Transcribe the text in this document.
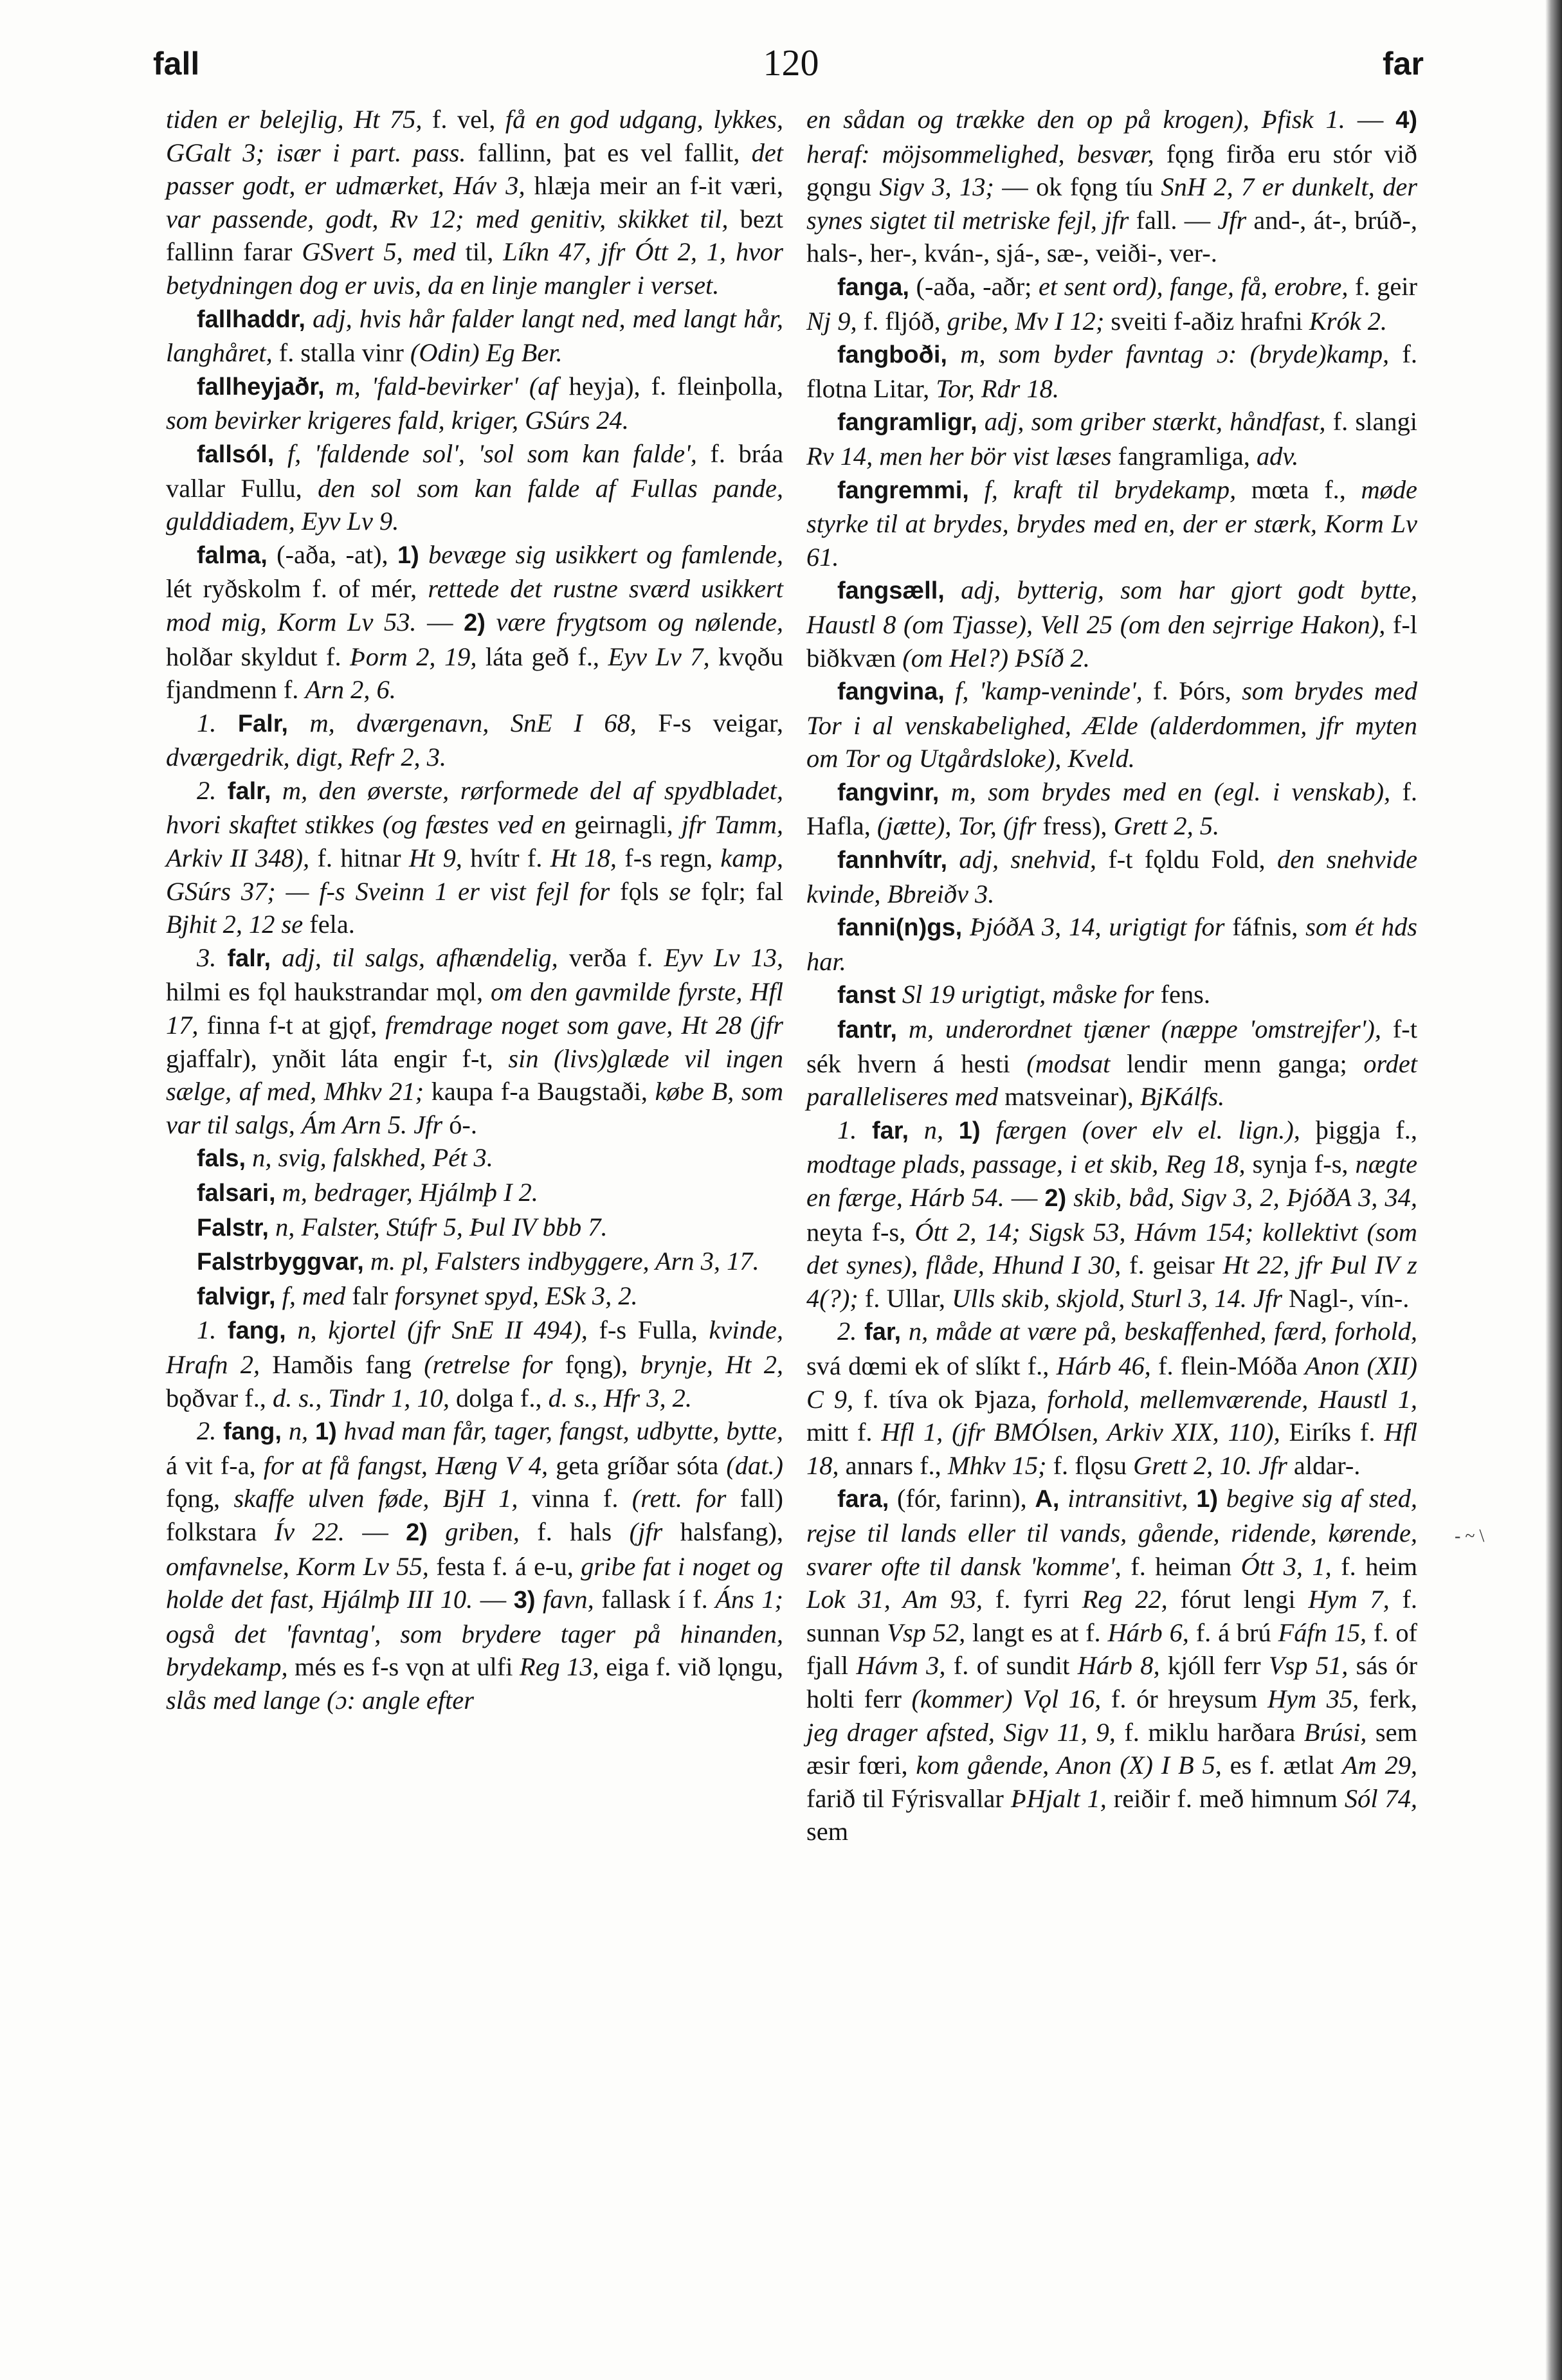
fall	120	far

tiden er belejlig, Ht 75, f. vel, få en god udgang, lykkes, GGalt 3; især i part. pass. fallinn, þat es vel fallit, det passer godt, er udmærket, Háv 3, hlæja meir an f-it væri, var passende, godt, Rv 12; med genitiv, skikket til, bezt fallinn farar GSvert 5, med til, Líkn 47, jfr Ótt 2, 1, hvor betydningen dog er uvis, da en linje mangler i verset.

fallhaddr, adj, hvis hår falder langt ned, med langt hår, langhåret, f. stalla vinr (Odin) Eg Ber.

fallheyjaðr, m, 'fald-bevirker' (af heyja), f. fleinþolla, som bevirker krigeres fald, kriger, GSúrs 24.

fallsól, f, 'faldende sol', 'sol som kan falde', f. bráa vallar Fullu, den sol som kan falde af Fullas pande, gulddiadem, Eyv Lv 9.

falma, (-aða, -at), 1) bevæge sig usikkert og famlende, lét ryðskolm f. of mér, rettede det rustne sværd usikkert mod mig, Korm Lv 53. — 2) være frygtsom og nølende, holðar skyldut f. Þorm 2, 19, láta geð f., Eyv Lv 7, kvǫðu fjandmenn f. Arn 2, 6.

1. Falr, m, dværgenavn, SnE I 68, F-s veigar, dværgedrik, digt, Refr 2, 3.

2. falr, m, den øverste, rørformede del af spydbladet, hvori skaftet stikkes (og fæstes ved en geirnagli, jfr Tamm, Arkiv II 348), f. hitnar Ht 9, hvítr f. Ht 18, f-s regn, kamp, GSúrs 37; — f-s Sveinn 1 er vist fejl for fǫls se fǫlr; fal Bjhit 2, 12 se fela.

3. falr, adj, til salgs, afhændelig, verða f. Eyv Lv 13, hilmi es fǫl haukstrandar mǫl, om den gavmilde fyrste, Hfl 17, finna f-t at gjǫf, fremdrage noget som gave, Ht 28 (jfr gjaffalr), ynðit láta engir f-t, sin (livs)glæde vil ingen sælge, af med, Mhkv 21; kaupa f-a Baugstaði, købe B, som var til salgs, Ám Arn 5. Jfr ó-.

fals, n, svig, falskhed, Pét 3.

falsari, m, bedrager, Hjálmþ I 2.

Falstr, n, Falster, Stúfr 5, Þul IV bbb 7.

Falstrbyggvar, m. pl, Falsters indbyggere, Arn 3, 17.

falvigr, f, med falr forsynet spyd, ESk 3, 2.

1. fang, n, kjortel (jfr SnE II 494), f-s Fulla, kvinde, Hrafn 2, Hamðis fang (retrelse for fǫng), brynje, Ht 2, bǫðvar f., d. s., Tindr 1, 10, dolga f., d. s., Hfr 3, 2.

2. fang, n, 1) hvad man får, tager, fangst, udbytte, bytte, á vit f-a, for at få fangst, Hæng V 4, geta gríðar sóta (dat.) fǫng, skaffe ulven føde, BjH 1, vinna f. (rett. for fall) folkstara Ív 22. — 2) griben, f. hals (jfr halsfang), omfavnelse, Korm Lv 55, festa f. á e-u, gribe fat i noget og holde det fast, Hjálmþ III 10. — 3) favn, fallask í f. Áns 1; også det 'favntag', som brydere tager på hinanden, brydekamp, més es f-s vǫn at ulfi Reg 13, eiga f. við lǫngu, slås med lange (ɔ: angle efter

en sådan og trække den op på krogen), Þfisk 1. — 4) heraf: möjsommelighed, besvær, fǫng firða eru stór við gǫngu Sigv 3, 13; — ok fǫng tíu SnH 2, 7 er dunkelt, der synes sigtet til metriske fejl, jfr fall. — Jfr and-, át-, brúð-, hals-, her-, kván-, sjá-, sæ-, veiði-, ver-.

fanga, (-aða, -aðr; et sent ord), fange, få, erobre, f. geir Nj 9, f. fljóð, gribe, Mv I 12; sveiti f-aðiz hrafni Krók 2.

fangboði, m, som byder favntag ɔ: (bryde)kamp, f. flotna Litar, Tor, Rdr 18.

fangramligr, adj, som griber stærkt, håndfast, f. slangi Rv 14, men her bör vist læses fangramliga, adv.

fangremmi, f, kraft til brydekamp, mœta f., møde styrke til at brydes, brydes med en, der er stærk, Korm Lv 61.

fangsæll, adj, bytterig, som har gjort godt bytte, Haustl 8 (om Tjasse), Vell 25 (om den sejrrige Hakon), f-l biðkvæn (om Hel?) ÞSíð 2.

fangvina, f, 'kamp-veninde', f. Þórs, som brydes med Tor i al venskabelighed, Ælde (alderdommen, jfr myten om Tor og Utgårdsloke), Kveld.

fangvinr, m, som brydes med en (egl. i venskab), f. Hafla, (jætte), Tor, (jfr fress), Grett 2, 5.

fannhvítr, adj, snehvid, f-t fǫldu Fold, den snehvide kvinde, Bbreiðv 3.

fanni(n)gs, ÞjóðA 3, 14, urigtigt for fáfnis, som ét hds har.

fanst Sl 19 urigtigt, måske for fens.

fantr, m, underordnet tjæner (næppe 'omstrejfer'), f-t sék hvern á hesti (modsat lendir menn ganga; ordet paralleliseres med matsveinar), BjKálfs.

1. far, n, 1) færgen (over elv el. lign.), þiggja f., modtage plads, passage, i et skib, Reg 18, synja f-s, nægte en færge, Hárb 54. — 2) skib, båd, Sigv 3, 2, ÞjóðA 3, 34, neyta f-s, Ótt 2, 14; Sigsk 53, Hávm 154; kollektivt (som det synes), flåde, Hhund I 30, f. geisar Ht 22, jfr Þul IV z 4(?); f. Ullar, Ulls skib, skjold, Sturl 3, 14. Jfr Nagl-, vín-.

2. far, n, måde at være på, beskaffenhed, færd, forhold, svá dœmi ek of slíkt f., Hárb 46, f. flein-Móða Anon (XII) C 9, f. tíva ok Þjaza, forhold, mellemværende, Haustl 1, mitt f. Hfl 1, (jfr BMÓlsen, Arkiv XIX, 110), Eiríks f. Hfl 18, annars f., Mhkv 15; f. flǫsu Grett 2, 10. Jfr aldar-.

fara, (fór, farinn), A, intransitivt, 1) begive sig af sted, rejse til lands eller til vands, gående, ridende, kørende, svarer ofte til dansk 'komme', f. heiman Ótt 3, 1, f. heim Lok 31, Am 93, f. fyrri Reg 22, fórut lengi Hym 7, f. sunnan Vsp 52, langt es at f. Hárb 6, f. á brú Fáfn 15, f. of fjall Hávm 3, f. of sundit Hárb 8, kjóll ferr Vsp 51, sás ór holti ferr (kommer) Vǫl 16, f. ór hreysum Hym 35, ferk, jeg drager afsted, Sigv 11, 9, f. miklu harðara Brúsi, sem æsir fœri, kom gående, Anon (X) I B 5, es f. ætlat Am 29, farið til Fýrisvallar ÞHjalt 1, reiðir f. með himnum Sól 74, sem

- ~ \
